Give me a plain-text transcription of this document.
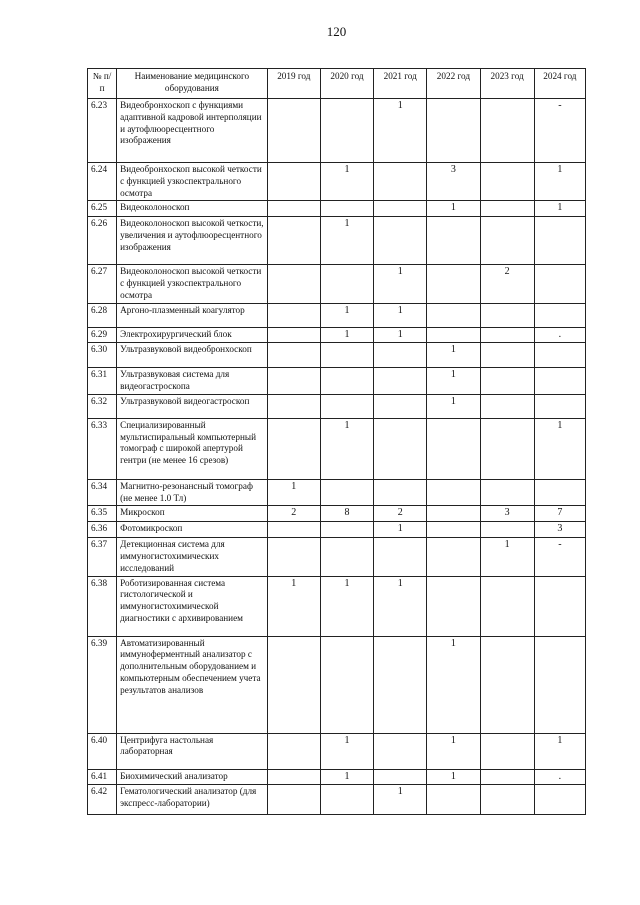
120
№ п/п	Наименование медицинского оборудования	2019 год	2020 год	2021 год	2022 год	2023 год	2024 год
6.23	Видеобронхоскоп с функциями адаптивной кадровой интерполяции и аутофлюоресцентного изображения			1			-
6.24	Видеобронхоскоп высокой четкости с функцией узкоспектрального осмотра		1		3		1
6.25	Видеоколоноскоп				1		1
6.26	Видеоколоноскоп высокой четкости, увеличения и аутофлюоресцентного изображения		1				
6.27	Видеоколоноскоп высокой четкости с функцией узкоспектрального осмотра			1		2	
6.28	Аргоно-плазменный коагулятор		1	1			
6.29	Электрохирургический блок		1	1			.
6.30	Ультразвуковой видеобронхоскоп				1		
6.31	Ультразвуковая система для видеогастроскопа				1		
6.32	Ультразвуковой видеогастроскоп				1		
6.33	Специализированный мультиспиральный компьютерный томограф с широкой апертурой гентри (не менее 16 срезов)		1				1
6.34	Магнитно-резонансный томограф (не менее 1.0 Тл)	1					
6.35	Микроскоп	2	8	2		3	7
6.36	Фотомикроскоп			1			3
6.37	Детекционная система для иммуногистохимических исследований					1	-
6.38	Роботизированная система гистологической и иммуногистохимической диагностики с архивированием	1	1	1			
6.39	Автоматизированный иммуноферментный анализатор с дополнительным оборудованием и компьютерным обеспечением учета результатов анализов				1		
6.40	Центрифуга настольная лабораторная		1		1		1
6.41	Биохимический анализатор		1		1		.
6.42	Гематологический анализатор (для экспресс-лаборатории)			1			
